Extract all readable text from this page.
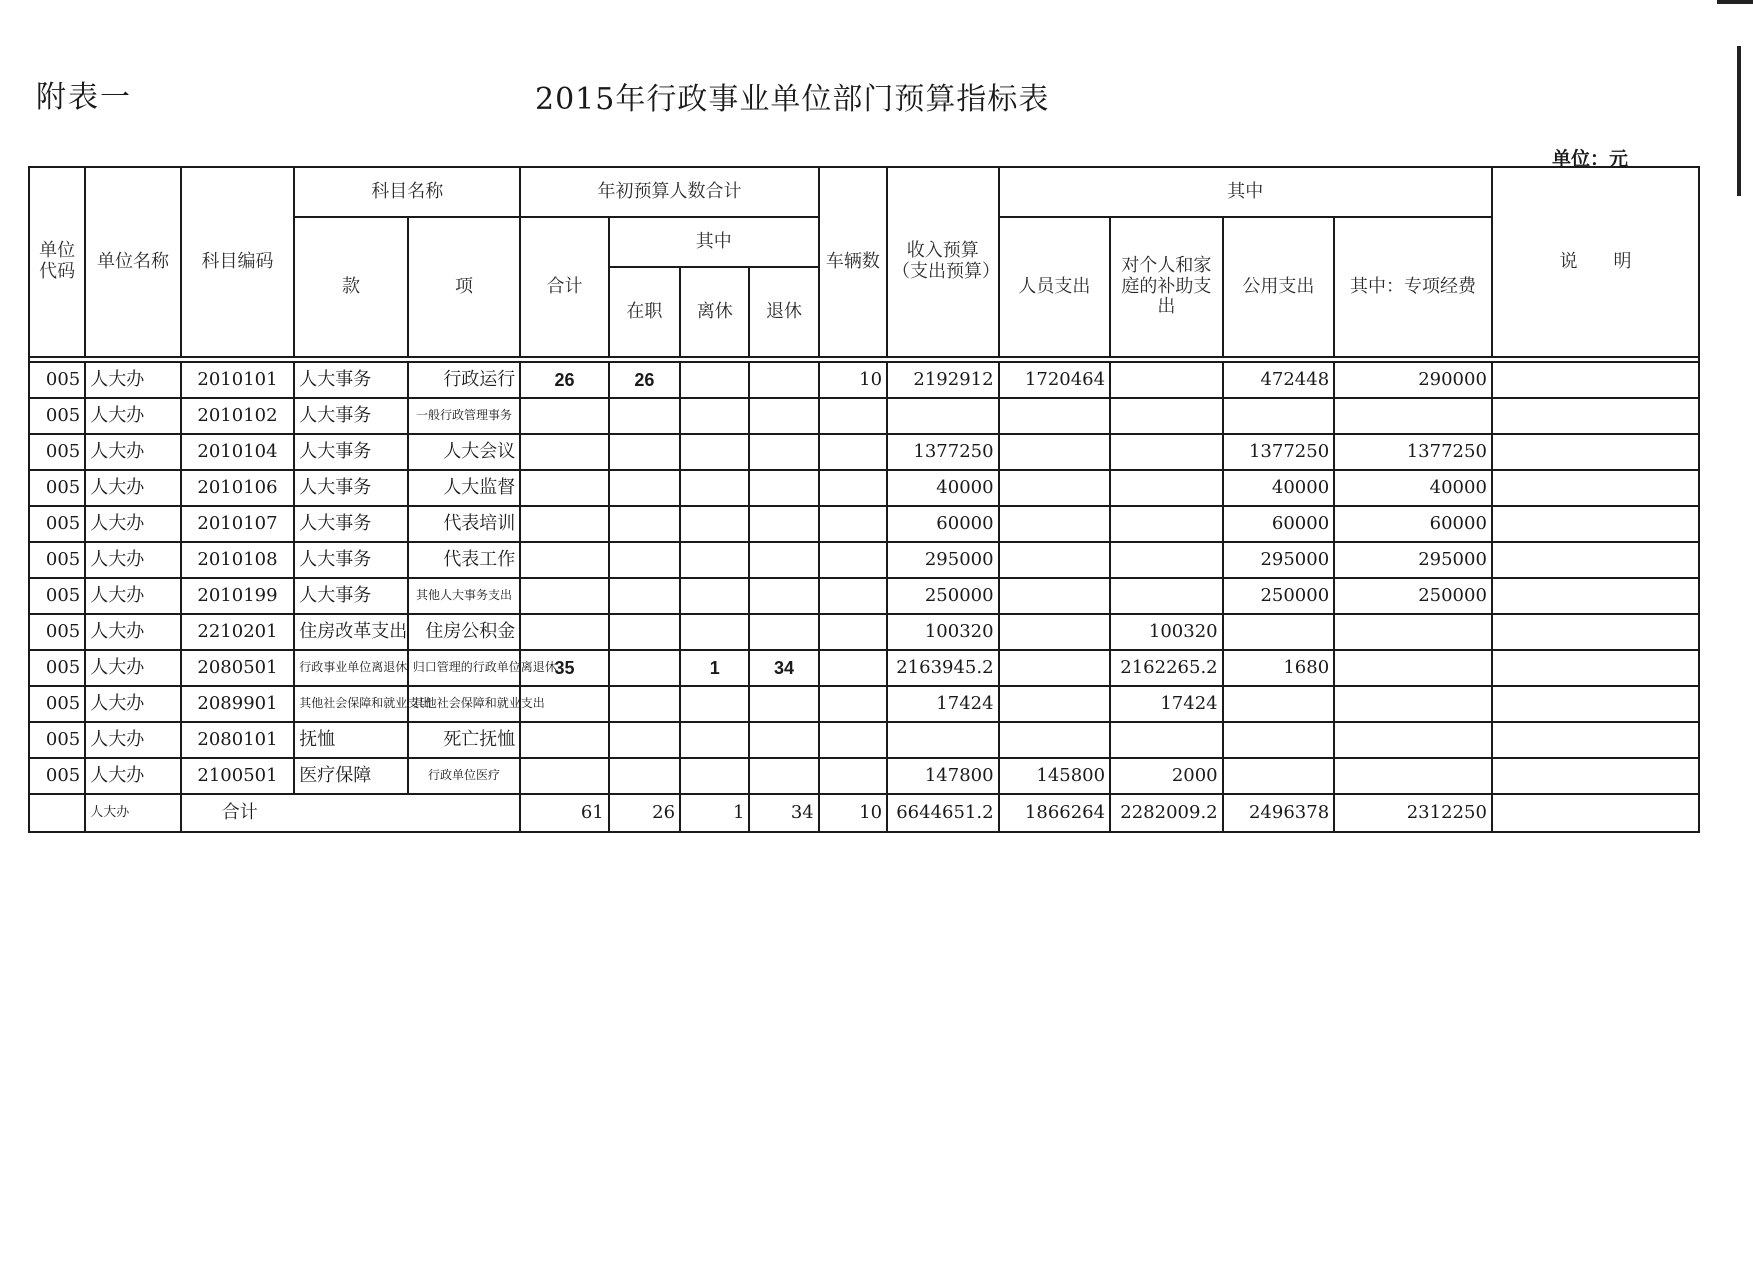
附表一	2015年行政事业单位部门预算指标表
单位：元
单位代码	单位名称	科目编码	科目名称		年初预算人数合计				车辆数	收入预算（支出预算）	其中				说　　明
			款	项	合计	其中					人员支出	对个人和家庭的补助支出	公用支出	其中：专项经费	
						在职	离休	退休							

005	人大办	2010101	人大事务	行政运行	26	26			10	2192912	1720464		472448	290000	
005	人大办	2010102	人大事务	一般行政管理事务											
005	人大办	2010104	人大事务	人大会议						1377250			1377250	1377250	
005	人大办	2010106	人大事务	人大监督						40000			40000	40000	
005	人大办	2010107	人大事务	代表培训						60000			60000	60000	
005	人大办	2010108	人大事务	代表工作						295000			295000	295000	
005	人大办	2010199	人大事务	其他人大事务支出						250000			250000	250000	
005	人大办	2210201	住房改革支出	住房公积金						100320		100320			
005	人大办	2080501	行政事业单位离退休	归口管理的行政单位离退休	35		1	34		2163945.2		2162265.2	1680		
005	人大办	2089901	其他社会保障和就业支出	其他社会保障和就业支出						17424		17424			
005	人大办	2080101	抚恤	死亡抚恤											
005	人大办	2100501	医疗保障	行政单位医疗						147800	145800	2000			
	人大办	合计			61	26	1	34	10	6644651.2	1866264	2282009.2	2496378	2312250	
